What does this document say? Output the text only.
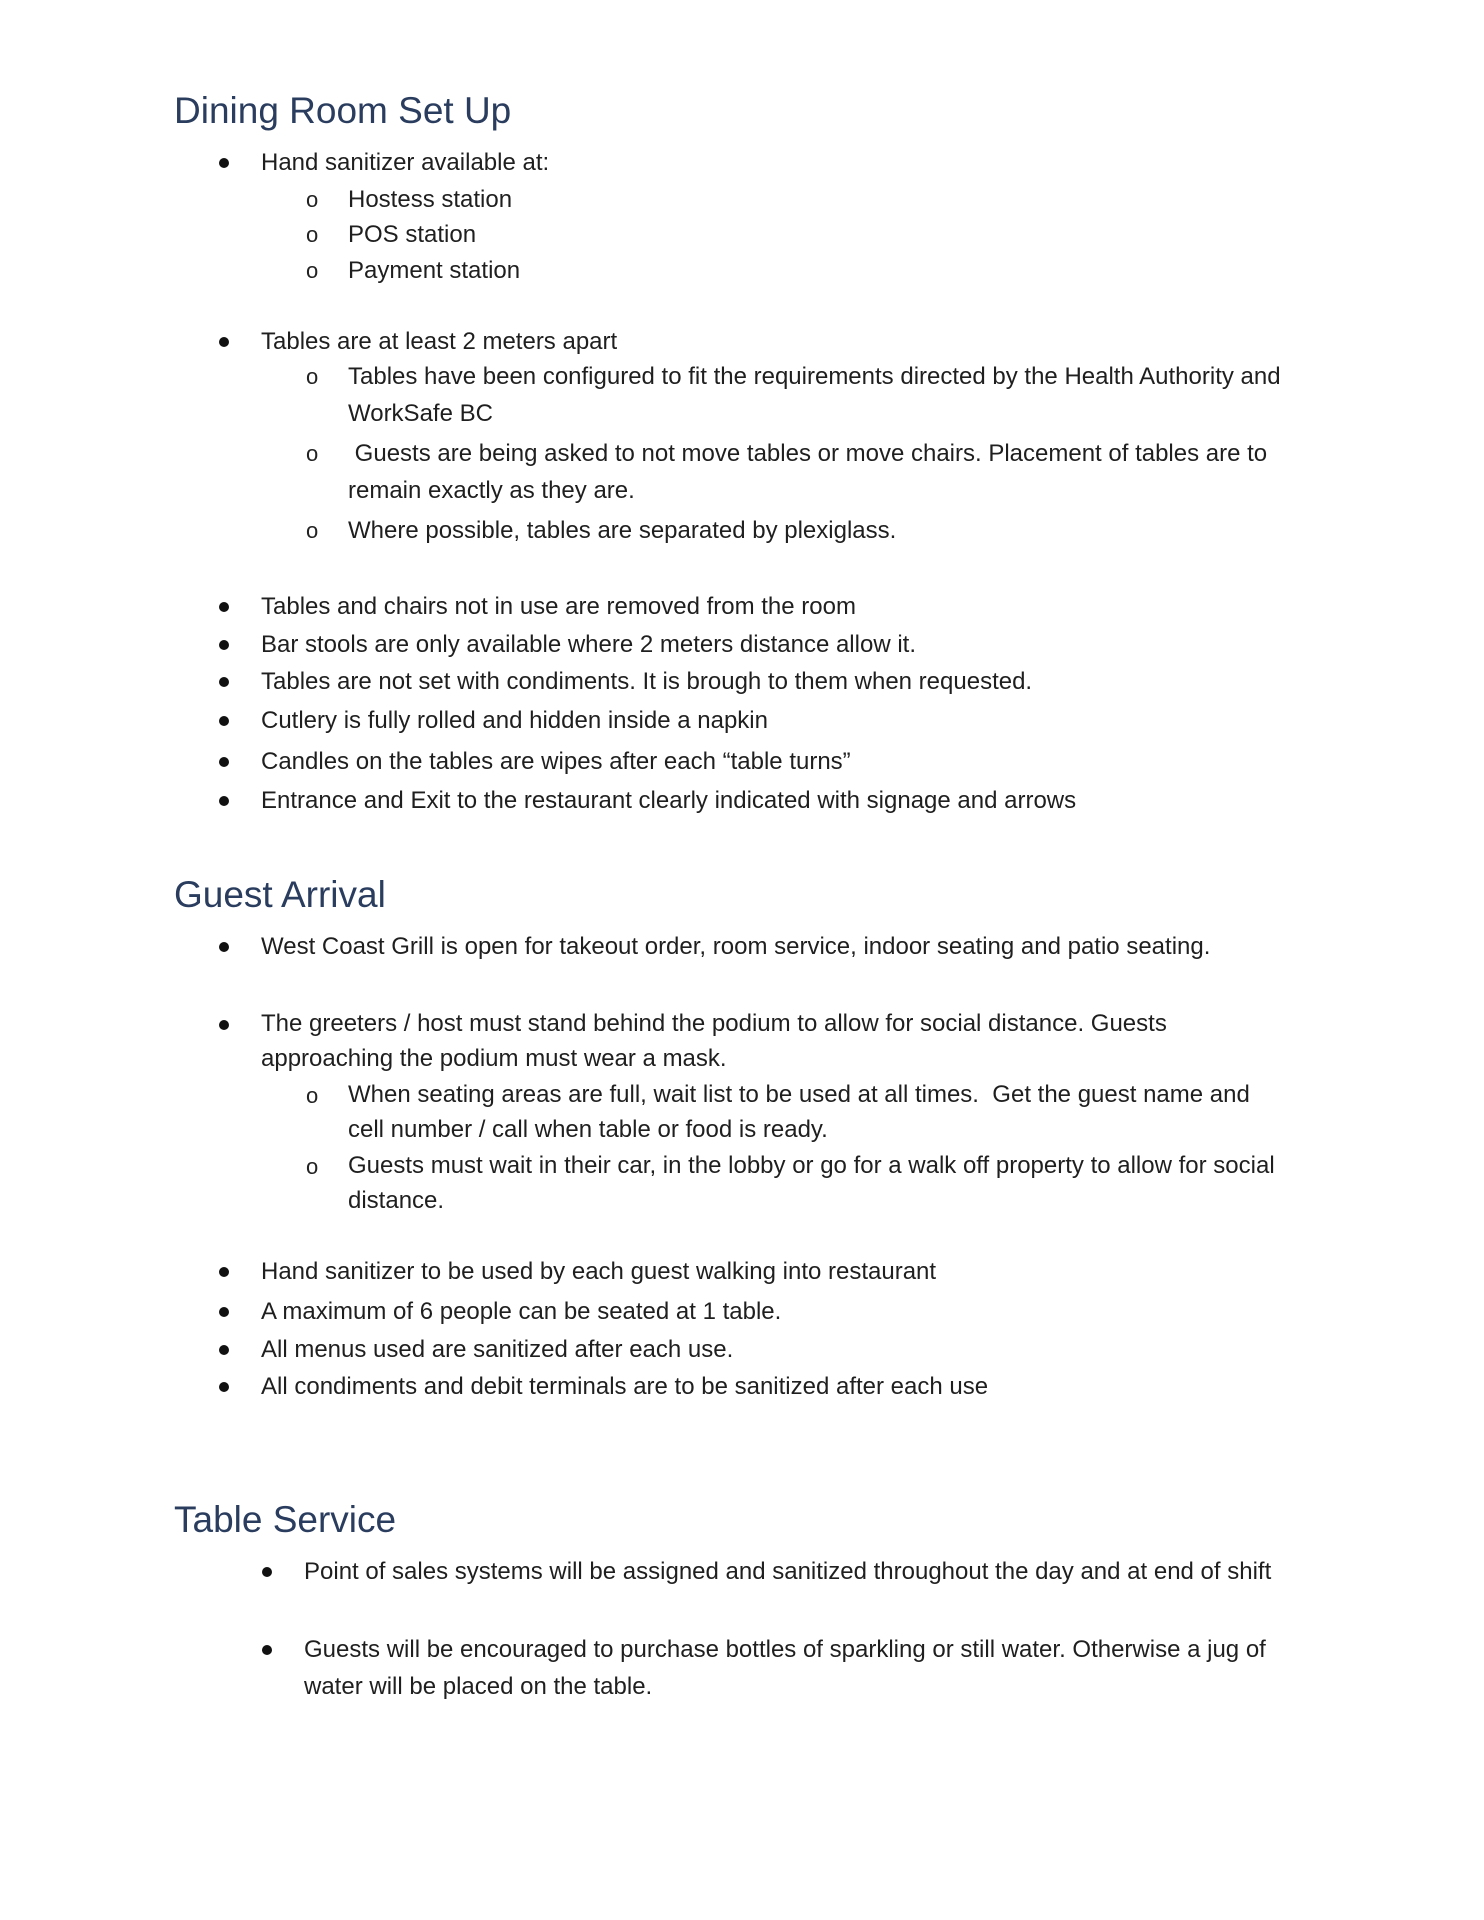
Dining Room Set Up

Hand sanitizer available at:

o Hostess station

o POS station

o Payment station

Tables are at least 2 meters apart

o Tables have been configured to fit the requirements directed by the Health Authority and WorkSafe BC

o Guests are being asked to not move tables or move chairs. Placement of tables are to remain exactly as they are.

o Where possible, tables are separated by plexiglass.

Tables and chairs not in use are removed from the room

Bar stools are only available where 2 meters distance allow it.

Tables are not set with condiments. It is brough to them when requested.

Cutlery is fully rolled and hidden inside a napkin

Candles on the tables are wipes after each “table turns”

Entrance and Exit to the restaurant clearly indicated with signage and arrows

Guest Arrival

West Coast Grill is open for takeout order, room service, indoor seating and patio seating.

The greeters / host must stand behind the podium to allow for social distance. Guests approaching the podium must wear a mask.

o When seating areas are full, wait list to be used at all times.  Get the guest name and cell number / call when table or food is ready.

o Guests must wait in their car, in the lobby or go for a walk off property to allow for social distance.

Hand sanitizer to be used by each guest walking into restaurant

A maximum of 6 people can be seated at 1 table.

All menus used are sanitized after each use.

All condiments and debit terminals are to be sanitized after each use

Table Service

Point of sales systems will be assigned and sanitized throughout the day and at end of shift

Guests will be encouraged to purchase bottles of sparkling or still water. Otherwise a jug of water will be placed on the table.
